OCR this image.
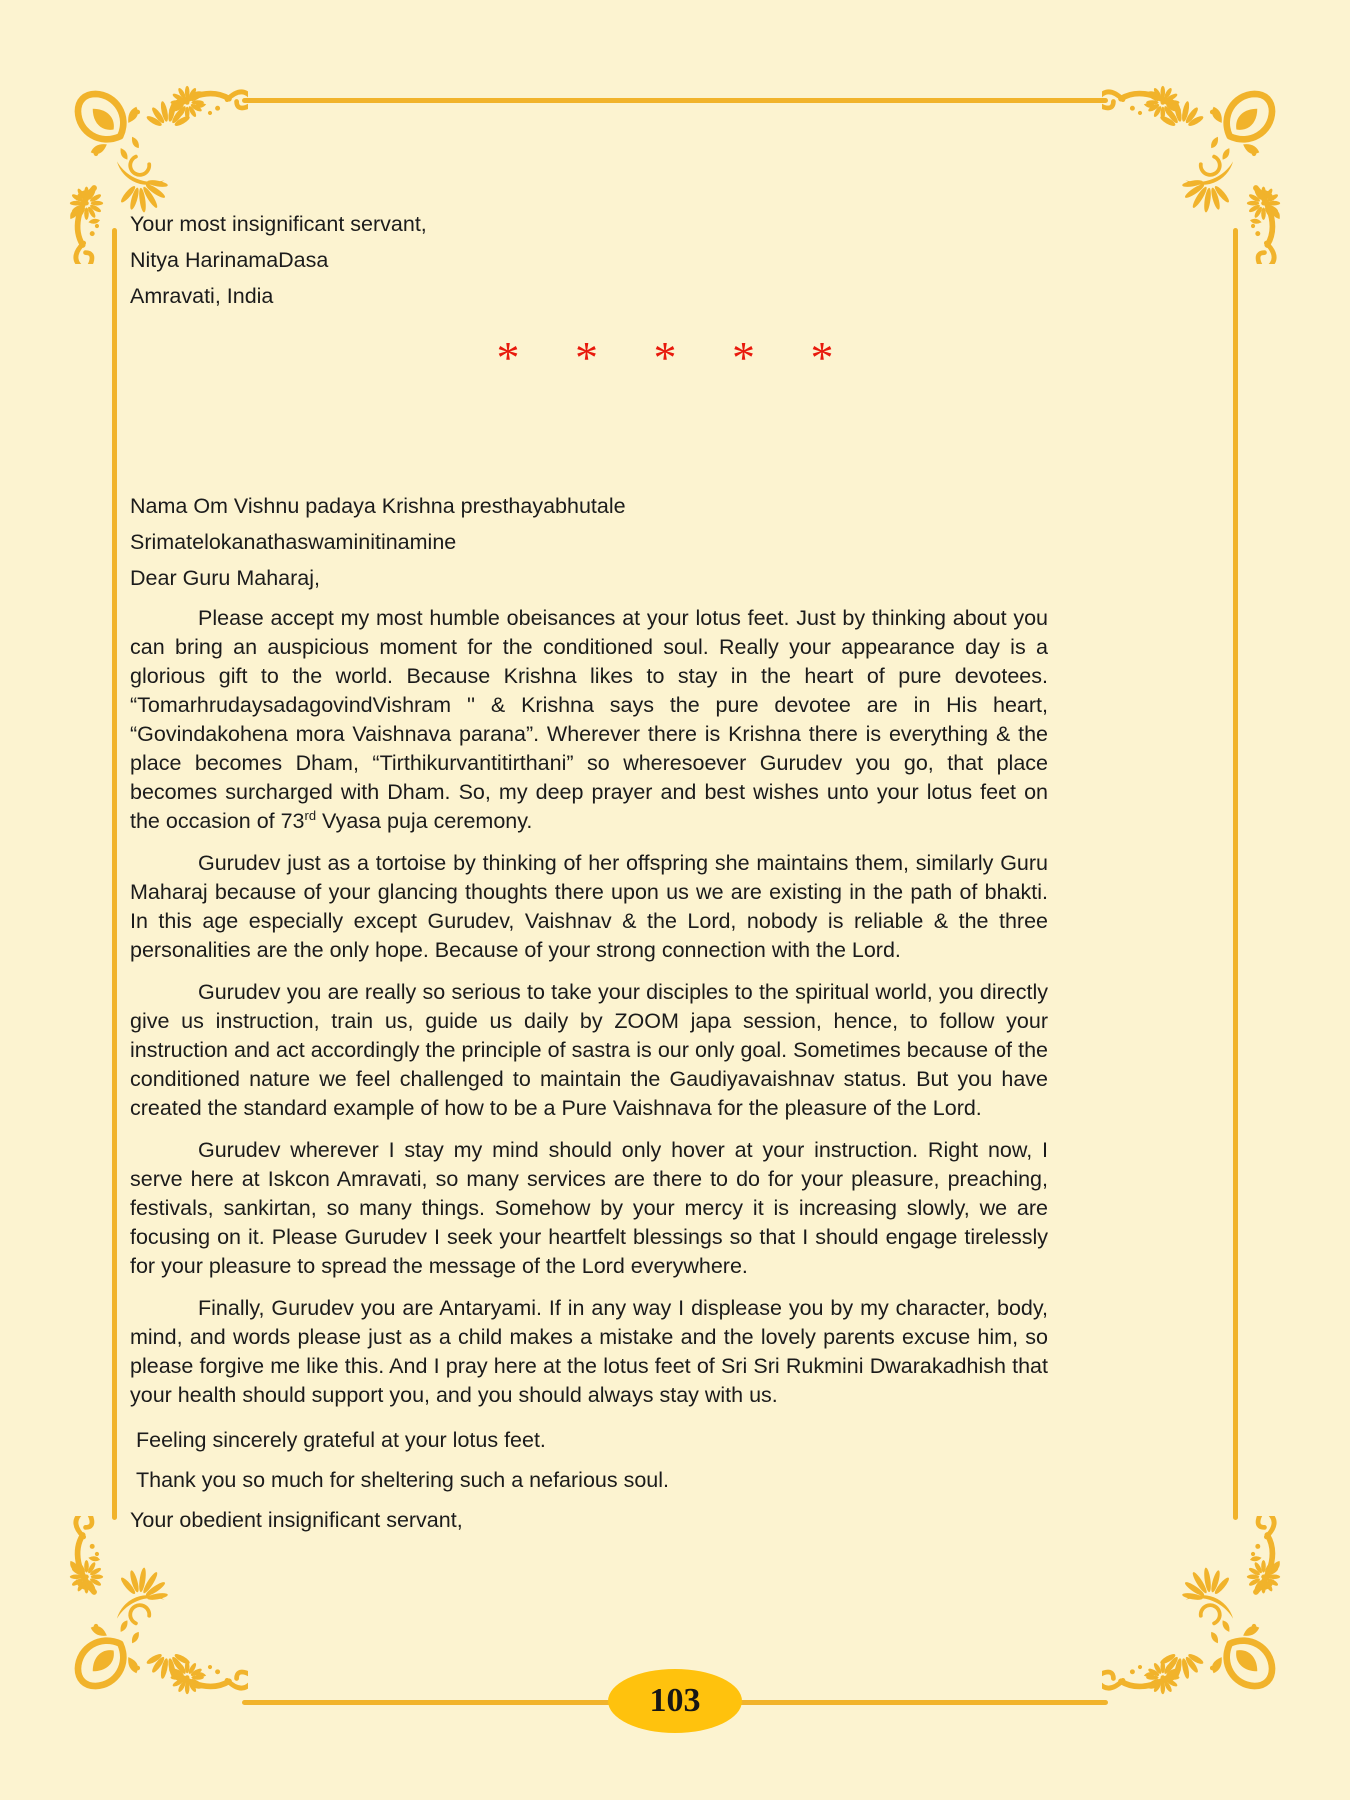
Your most insignificant servant,

Nitya HarinamaDasa

Amravati, India

* * * * *

Nama Om Vishnu padaya Krishna presthayabhutale

Srimatelokanathaswaminitinamine

Dear Guru Maharaj,

Please accept my most humble obeisances at your lotus feet. Just by thinking about you can bring an auspicious moment for the conditioned soul. Really your appearance day is a glorious gift to the world. Because Krishna likes to stay in the heart of pure devotees. “TomarhrudaysadagovindVishram '' & Krishna says the pure devotee are in His heart, “Govindakohena mora Vaishnava parana”. Wherever there is Krishna there is everything & the place becomes Dham, “Tirthikurvantitirthani” so wheresoever Gurudev you go, that place becomes surcharged with Dham. So, my deep prayer and best wishes unto your lotus feet on the occasion of 73rd Vyasa puja ceremony.

Gurudev just as a tortoise by thinking of her offspring she maintains them, similarly Guru Maharaj because of your glancing thoughts there upon us we are existing in the path of bhakti. In this age especially except Gurudev, Vaishnav & the Lord, nobody is reliable & the three personalities are the only hope. Because of your strong connection with the Lord.

Gurudev you are really so serious to take your disciples to the spiritual world, you directly give us instruction, train us, guide us daily by ZOOM japa session, hence, to follow your instruction and act accordingly the principle of sastra is our only goal. Sometimes because of the conditioned nature we feel challenged to maintain the Gaudiyavaishnav status. But you have created the standard example of how to be a Pure Vaishnava for the pleasure of the Lord.

Gurudev wherever I stay my mind should only hover at your instruction. Right now, I serve here at Iskcon Amravati, so many services are there to do for your pleasure, preaching, festivals, sankirtan, so many things. Somehow by your mercy it is increasing slowly, we are focusing on it. Please Gurudev I seek your heartfelt blessings so that I should engage tirelessly for your pleasure to spread the message of the Lord everywhere.

Finally, Gurudev you are Antaryami. If in any way I displease you by my character, body, mind, and words please just as a child makes a mistake and the lovely parents excuse him, so please forgive me like this. And I pray here at the lotus feet of Sri Sri Rukmini Dwarakadhish that your health should support you, and you should always stay with us.

Feeling sincerely grateful at your lotus feet.

Thank you so much for sheltering such a nefarious soul.

Your obedient insignificant servant,

103
